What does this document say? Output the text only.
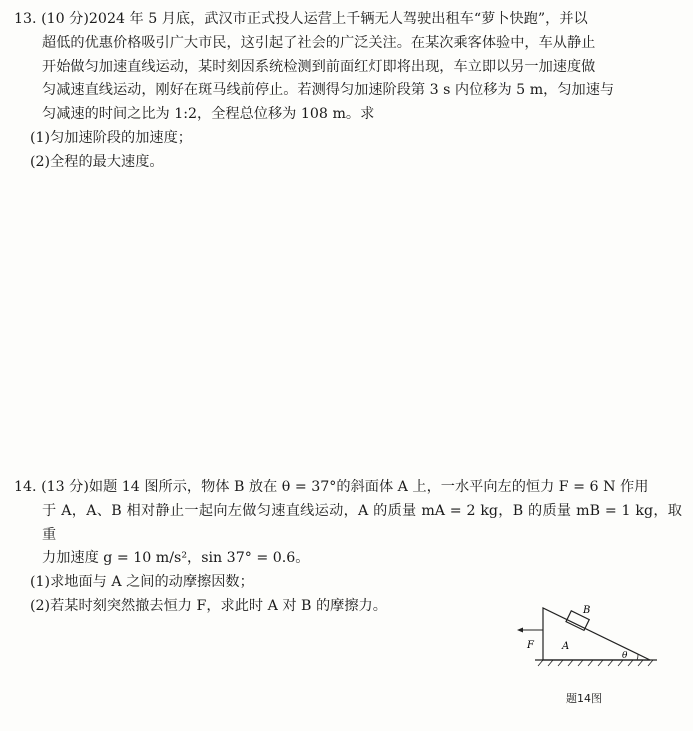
13. (10 分)2024 年 5 月底，武汉市正式投人运营上千辆无人驾驶出租车“萝卜快跑”，并以

超低的优惠价格吸引广大市民，这引起了社会的广泛关注。在某次乘客体验中，车从静止

开始做匀加速直线运动，某时刻因系统检测到前面红灯即将出现，车立即以另一加速度做

匀减速直线运动，刚好在斑马线前停止。若测得匀加速阶段第 3 s 内位移为 5 m，匀加速与

匀减速的时间之比为 1:2，全程总位移为 108 m。求

(1)匀加速阶段的加速度；

(2)全程的最大速度。

14. (13 分)如题 14 图所示，物体 B 放在 θ = 37°的斜面体 A 上，一水平向左的恒力 F = 6 N 作用

于 A，A、B 相对静止一起向左做匀速直线运动，A 的质量 mA = 2 kg，B 的质量 mB = 1 kg，取重

力加速度 g = 10 m/s²，sin 37° = 0.6。

(1)求地面与 A 之间的动摩擦因数；

(2)若某时刻突然撤去恒力 F，求此时 A 对 B 的摩擦力。	B
A
F
θ
题14图
